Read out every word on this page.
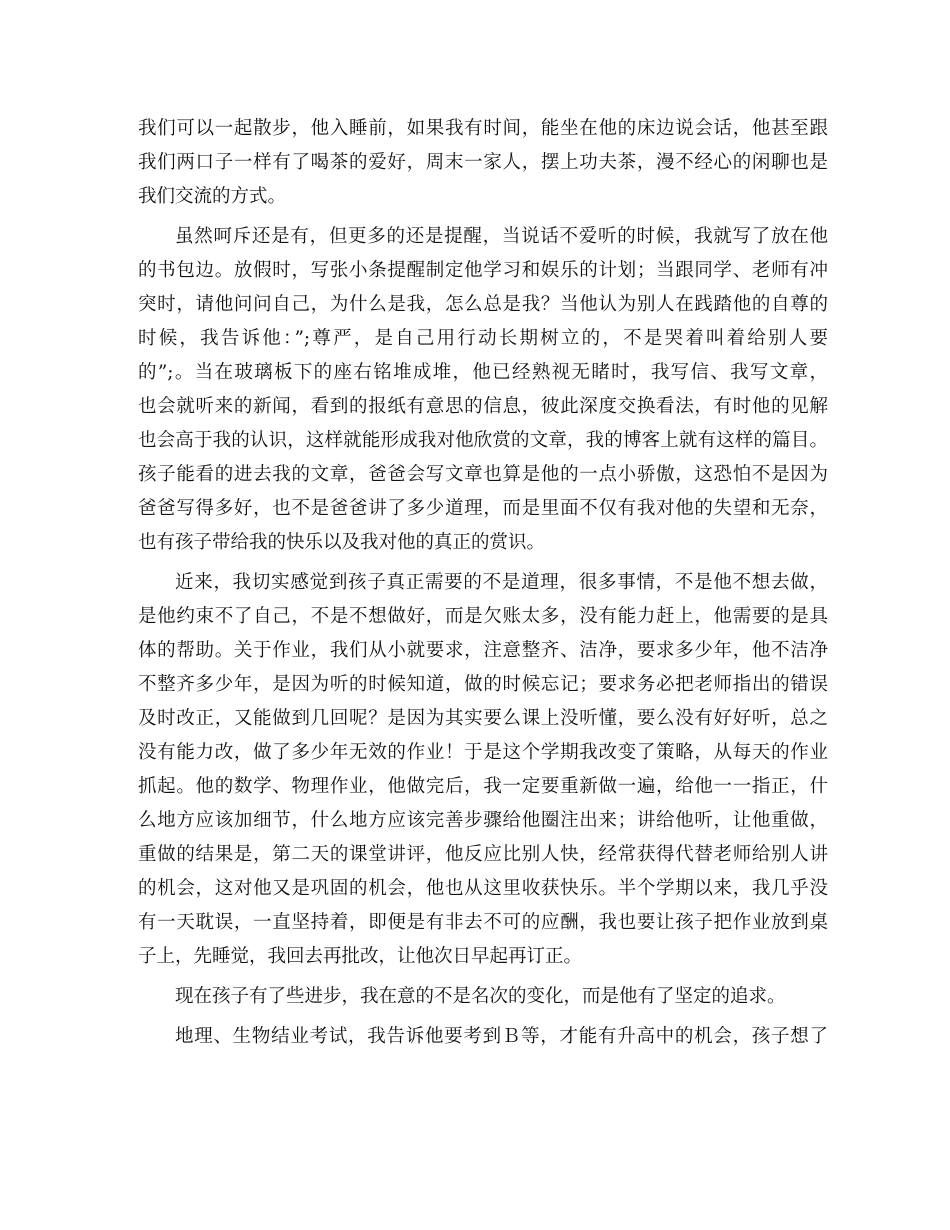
我们可以一起散步，他入睡前，如果我有时间，能坐在他的床边说会话，他甚至跟
我们两口子一样有了喝茶的爱好，周末一家人，摆上功夫茶，漫不经心的闲聊也是
我们交流的方式。
虽然呵斥还是有，但更多的还是提醒，当说话不爱听的时候，我就写了放在他
的书包边。放假时，写张小条提醒制定他学习和娱乐的计划；当跟同学、老师有冲
突时，请他问问自己，为什么是我，怎么总是我？当他认为别人在践踏他的自尊的
时候，我告诉他：”;尊严，是自己用行动长期树立的，不是哭着叫着给别人要
的”;。当在玻璃板下的座右铭堆成堆，他已经熟视无睹时，我写信、我写文章，
也会就听来的新闻，看到的报纸有意思的信息，彼此深度交换看法，有时他的见解
也会高于我的认识，这样就能形成我对他欣赏的文章，我的博客上就有这样的篇目。
孩子能看的进去我的文章，爸爸会写文章也算是他的一点小骄傲，这恐怕不是因为
爸爸写得多好，也不是爸爸讲了多少道理，而是里面不仅有我对他的失望和无奈，
也有孩子带给我的快乐以及我对他的真正的赏识。
近来，我切实感觉到孩子真正需要的不是道理，很多事情，不是他不想去做，
是他约束不了自己，不是不想做好，而是欠账太多，没有能力赶上，他需要的是具
体的帮助。关于作业，我们从小就要求，注意整齐、洁净，要求多少年，他不洁净
不整齐多少年，是因为听的时候知道，做的时候忘记；要求务必把老师指出的错误
及时改正，又能做到几回呢？是因为其实要么课上没听懂，要么没有好好听，总之
没有能力改，做了多少年无效的作业！于是这个学期我改变了策略，从每天的作业
抓起。他的数学、物理作业，他做完后，我一定要重新做一遍，给他一一指正，什
么地方应该加细节，什么地方应该完善步骤给他圈注出来；讲给他听，让他重做，
重做的结果是，第二天的课堂讲评，他反应比别人快，经常获得代替老师给别人讲
的机会，这对他又是巩固的机会，他也从这里收获快乐。半个学期以来，我几乎没
有一天耽误，一直坚持着，即便是有非去不可的应酬，我也要让孩子把作业放到桌
子上，先睡觉，我回去再批改，让他次日早起再订正。
现在孩子有了些进步，我在意的不是名次的变化，而是他有了坚定的追求。
地理、生物结业考试，我告诉他要考到Ｂ等，才能有升高中的机会，孩子想了
